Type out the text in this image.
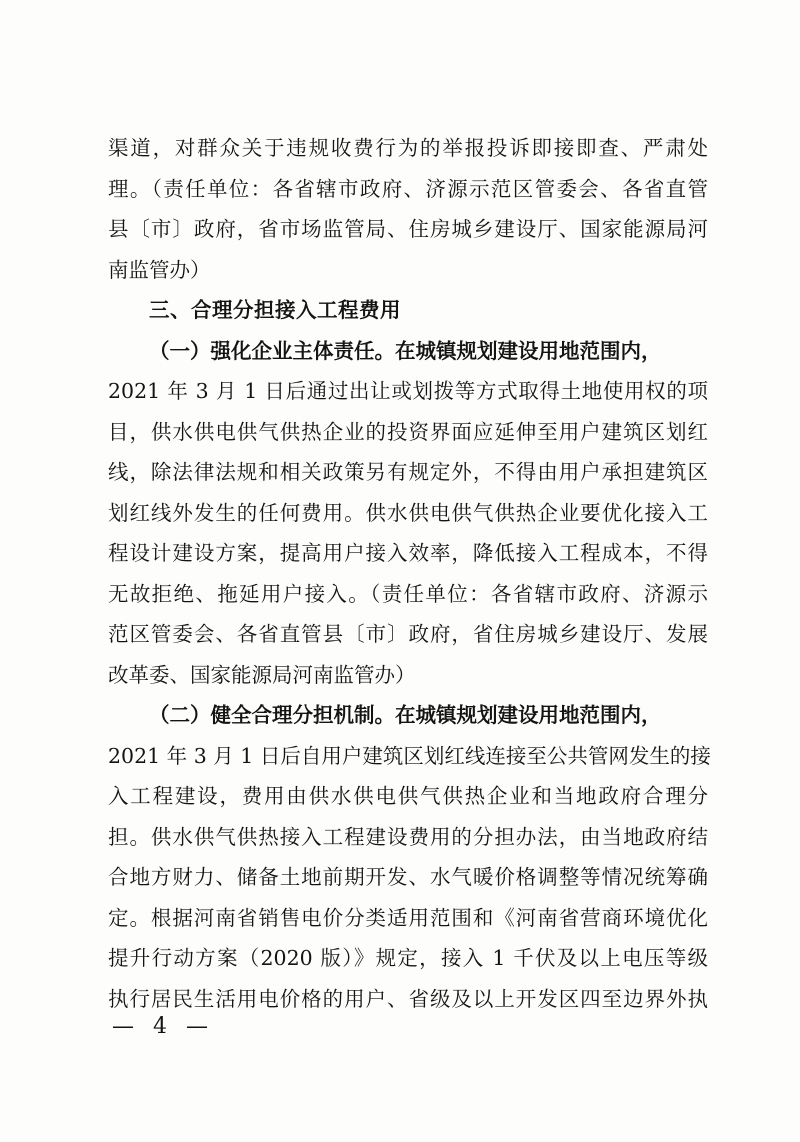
渠道，对群众关于违规收费行为的举报投诉即接即查、严肃处
理。（责任单位：各省辖市政府、济源示范区管委会、各省直管
县〔市〕政府，省市场监管局、住房城乡建设厅、国家能源局河
南监管办）
三、合理分担接入工程费用
（一）强化企业主体责任。在城镇规划建设用地范围内，
2021 年 3 月 1 日后通过出让或划拨等方式取得土地使用权的项
目，供水供电供气供热企业的投资界面应延伸至用户建筑区划红
线，除法律法规和相关政策另有规定外，不得由用户承担建筑区
划红线外发生的任何费用。供水供电供气供热企业要优化接入工
程设计建设方案，提高用户接入效率，降低接入工程成本，不得
无故拒绝、拖延用户接入。（责任单位：各省辖市政府、济源示
范区管委会、各省直管县〔市〕政府，省住房城乡建设厅、发展
改革委、国家能源局河南监管办）
（二）健全合理分担机制。在城镇规划建设用地范围内，
2021 年 3 月 1 日后自用户建筑区划红线连接至公共管网发生的接
入工程建设，费用由供水供电供气供热企业和当地政府合理分
担。供水供气供热接入工程建设费用的分担办法，由当地政府结
合地方财力、储备土地前期开发、水气暖价格调整等情况统筹确
定。根据河南省销售电价分类适用范围和《河南省营商环境优化
提升行动方案（2020 版）》规定，接入 1 千伏及以上电压等级
执行居民生活用电价格的用户、省级及以上开发区四至边界外执
— 4 —
